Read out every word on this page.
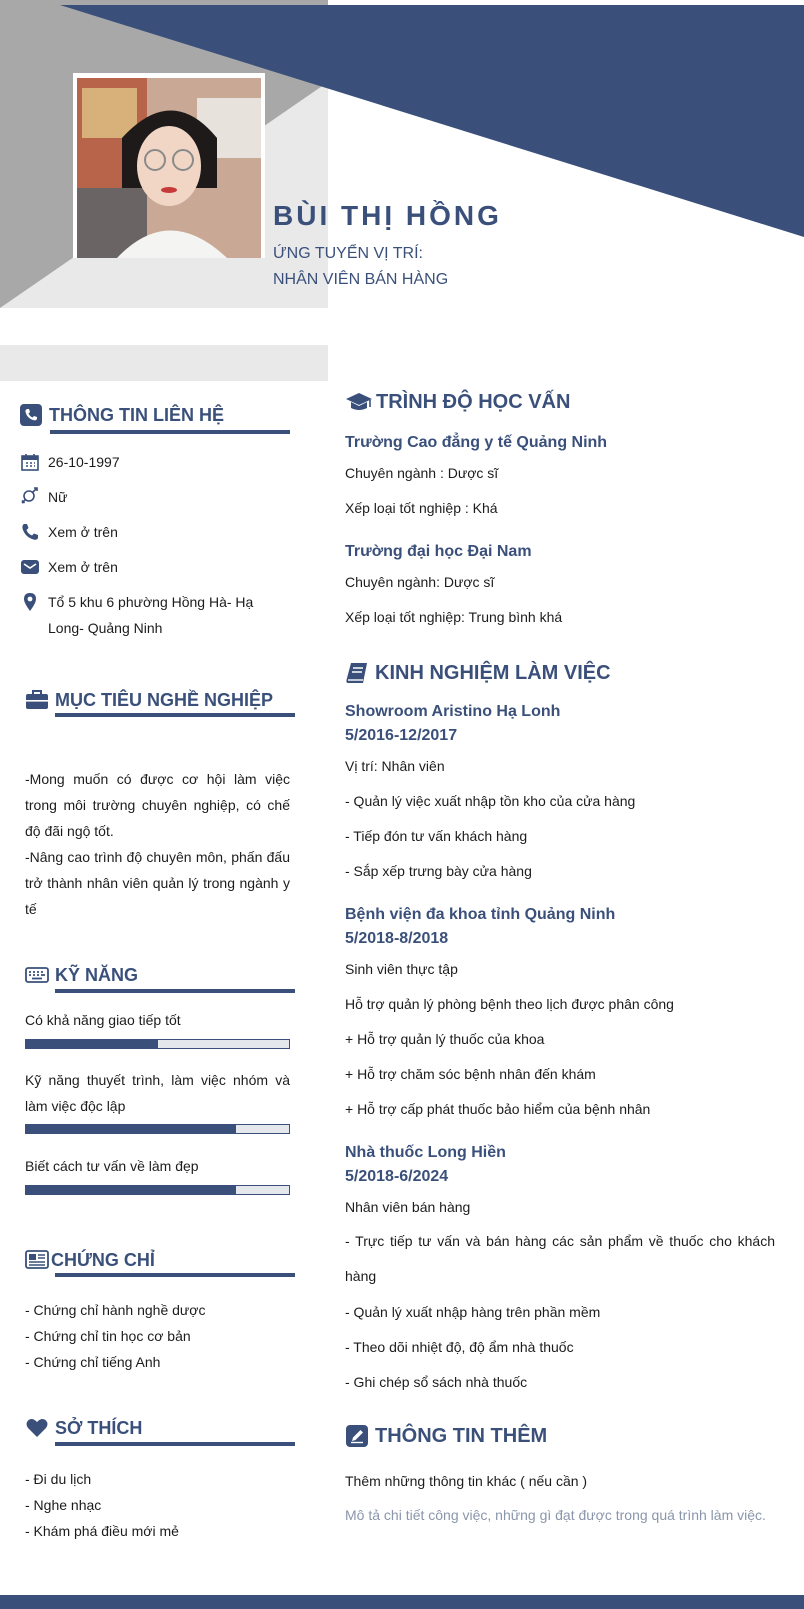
BÙI THỊ HỒNG
ỨNG TUYỂN VỊ TRÍ:
NHÂN VIÊN BÁN HÀNG
THÔNG TIN LIÊN HỆ
26-10-1997
Nữ
Xem ở trên
Xem ở trên
Tổ 5 khu 6 phường Hồng Hà- Hạ Long- Quảng Ninh
MỤC TIÊU NGHỀ NGHIỆP
-Mong muốn có được cơ hội làm việc trong môi trường chuyên nghiệp, có chế độ đãi ngộ tốt.
-Nâng cao trình độ chuyên môn, phấn đấu trở thành nhân viên quản lý trong ngành y tế
KỸ NĂNG
Có khả năng giao tiếp tốt
Kỹ năng thuyết trình, làm việc nhóm và làm việc độc lập
Biết cách tư vấn về làm đẹp
CHỨNG CHỈ
- Chứng chỉ hành nghề dược
- Chứng chỉ tin học cơ bản
- Chứng chỉ tiếng Anh
SỞ THÍCH
- Đi du lịch
- Nghe nhạc
- Khám phá điều mới mẻ
TRÌNH ĐỘ HỌC VẤN
Trường Cao đẳng y tế Quảng Ninh
Chuyên ngành : Dược sĩ
Xếp loại tốt nghiệp : Khá
Trường đại học Đại Nam
Chuyên ngành: Dược sĩ
Xếp loại tốt nghiệp: Trung bình khá
KINH NGHIỆM LÀM VIỆC
Showroom Aristino Hạ Lonh
5/2016-12/2017
Vị trí: Nhân viên
- Quản lý việc xuất nhập tồn kho của cửa hàng
- Tiếp đón tư vấn khách hàng
- Sắp xếp trưng bày cửa hàng
Bệnh viện đa khoa tỉnh Quảng Ninh
5/2018-8/2018
Sinh viên thực tập
Hỗ trợ quản lý phòng bệnh theo lịch được phân công
+ Hỗ trợ quản lý thuốc của khoa
+ Hỗ trợ chăm sóc bệnh nhân đến khám
+ Hỗ trợ cấp phát thuốc bảo hiểm của bệnh nhân
Nhà thuốc Long Hiền
5/2018-6/2024
Nhân viên bán hàng
- Trực tiếp tư vấn và bán hàng các sản phẩm về thuốc cho khách hàng
- Quản lý xuất nhập hàng trên phần mềm
- Theo dõi nhiệt độ, độ ẩm nhà thuốc
- Ghi chép sổ sách nhà thuốc
THÔNG TIN THÊM
Thêm những thông tin khác ( nếu cần )
Mô tả chi tiết công việc, những gì đạt được trong quá trình làm việc.
